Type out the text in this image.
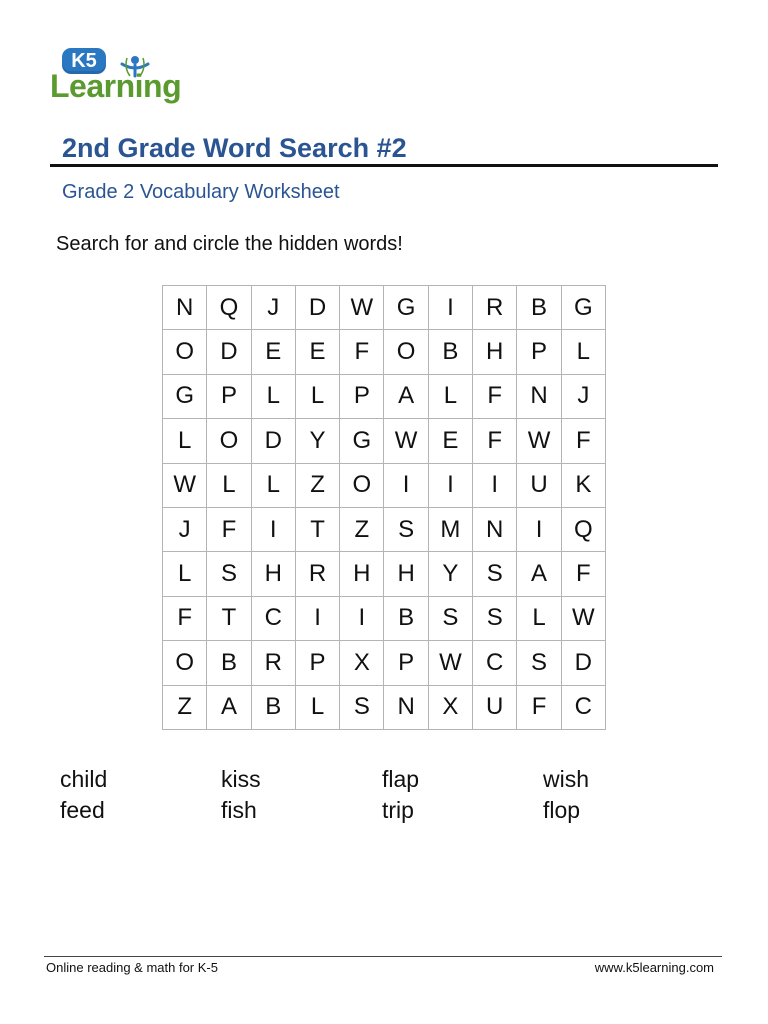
K5
Learning
2nd Grade Word Search #2
Grade 2 Vocabulary Worksheet
Search for and circle the hidden words!
N	Q	J	D	W	G	I	R	B	G
O	D	E	E	F	O	B	H	P	L
G	P	L	L	P	A	L	F	N	J
L	O	D	Y	G	W	E	F	W	F
W	L	L	Z	O	I	I	I	U	K
J	F	I	T	Z	S	M	N	I	Q
L	S	H	R	H	H	Y	S	A	F
F	T	C	I	I	B	S	S	L	W
O	B	R	P	X	P	W	C	S	D
Z	A	B	L	S	N	X	U	F	C
child	kiss	flap	wish
feed	fish	trip	flop
Online reading & math for K-5	www.k5learning.com
